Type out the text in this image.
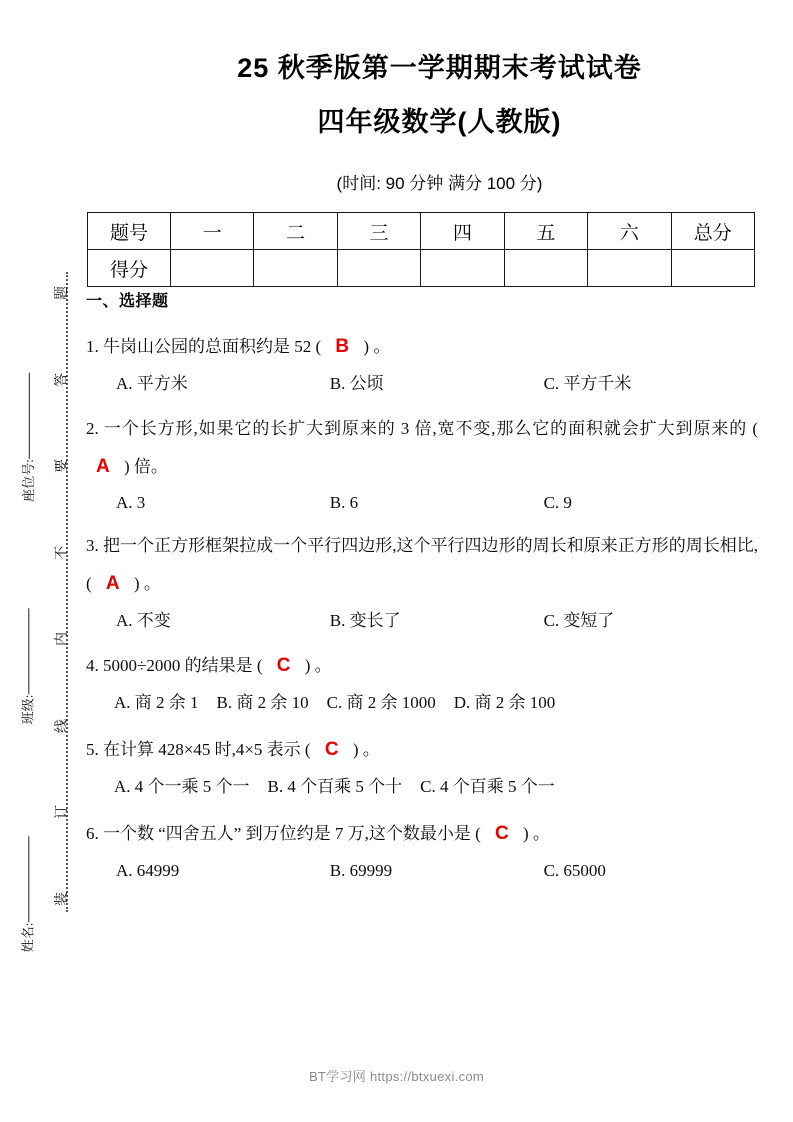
题
答
要
不
内
线
订
装
座位号:
班级:
姓名:
25 秋季版第一学期期末考试试卷
四年级数学(人教版)

(时间: 90 分钟 满分 100 分)

题号	一	二	三	四	五	六	总分
得分							
一、选择题

1. 牛岗山公园的总面积约是 52 ( B ) 。

A. 平方米	B. 公顷	C. 平方千米

2. 一个长方形,如果它的长扩大到原来的 3 倍,宽不变,那么它的面积就会扩大到原来的 ( A ) 倍。

A. 3	B. 6	C. 9

3. 把一个正方形框架拉成一个平行四边形,这个平行四边形的周长和原来正方形的周长相比, ( A ) 。

A. 不变	B. 变长了	C. 变短了

4. 5000÷2000 的结果是 ( C ) 。

A. 商 2 余 1 B. 商 2 余 10 C. 商 2 余 1000 D. 商 2 余 100

5. 在计算 428×45 时,4×5 表示 ( C ) 。

A. 4 个一乘 5 个一 B. 4 个百乘 5 个十 C. 4 个百乘 5 个一

6. 一个数 “四舍五人” 到万位约是 7 万,这个数最小是 ( C ) 。

A. 64999	B. 69999	C. 65000

BT学习网 https://btxuexi.com
